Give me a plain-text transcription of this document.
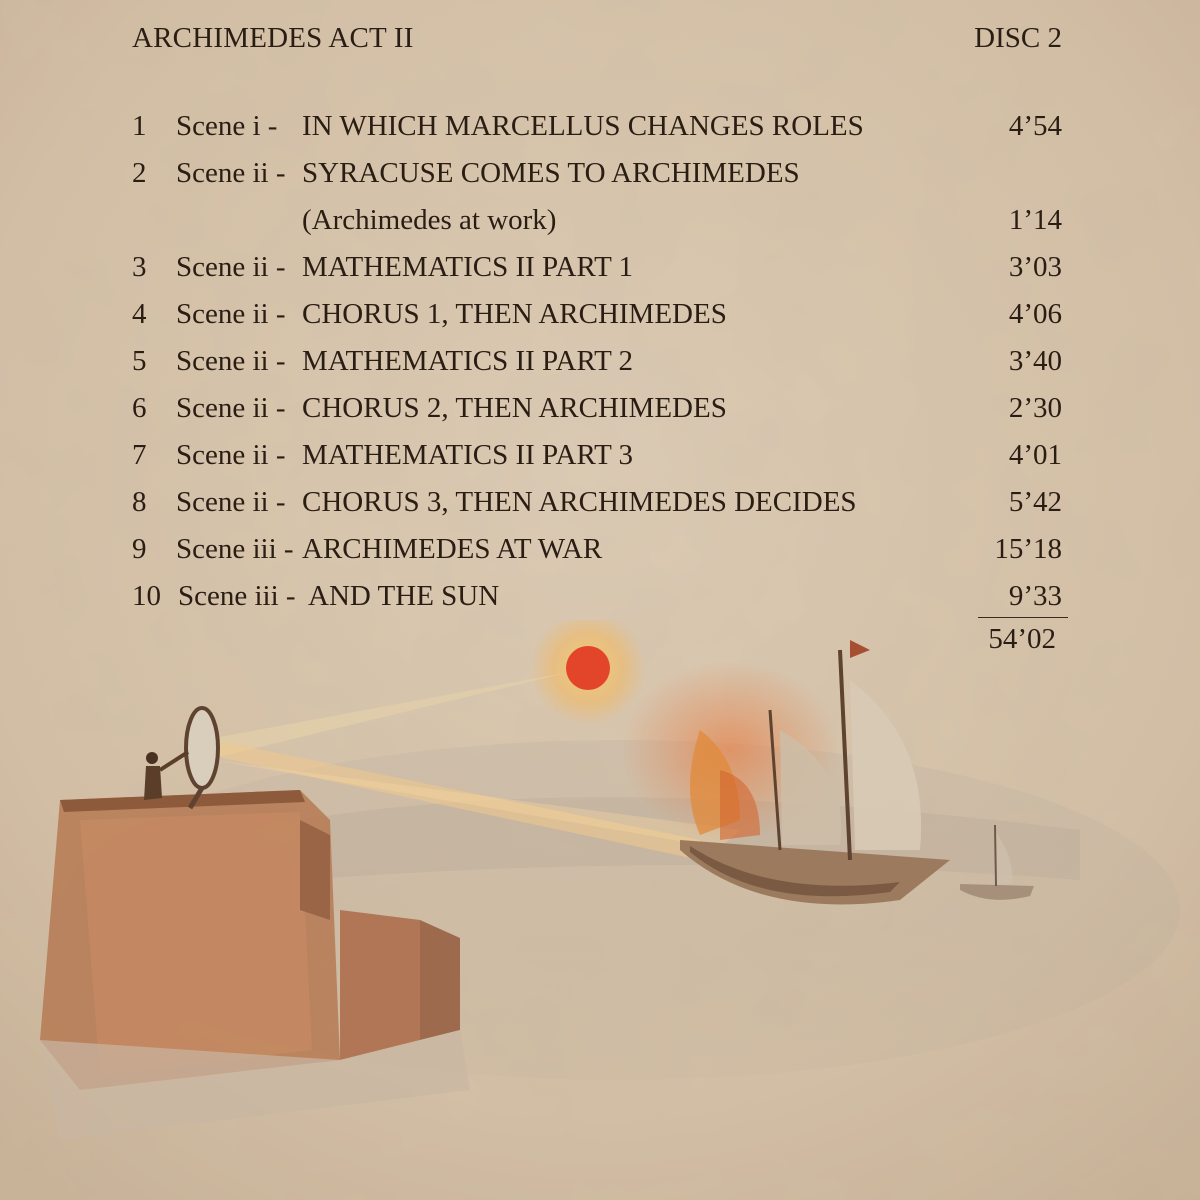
ARCHIMEDES ACT II	DISC 2
1 Scene i - IN WHICH MARCELLUS CHANGES ROLES	4’54
2 Scene ii - SYRACUSE COMES TO ARCHIMEDES
(Archimedes at work)	1’14
3 Scene ii - MATHEMATICS II PART 1	3’03
4 Scene ii - CHORUS 1, THEN ARCHIMEDES	4’06
5 Scene ii - MATHEMATICS II PART 2	3’40
6 Scene ii - CHORUS 2, THEN ARCHIMEDES	2’30
7 Scene ii - MATHEMATICS II PART 3	4’01
8 Scene ii - CHORUS 3, THEN ARCHIMEDES DECIDES	5’42
9 Scene iii - ARCHIMEDES AT WAR	15’18
10 Scene iii - AND THE SUN	9’33
54’02
